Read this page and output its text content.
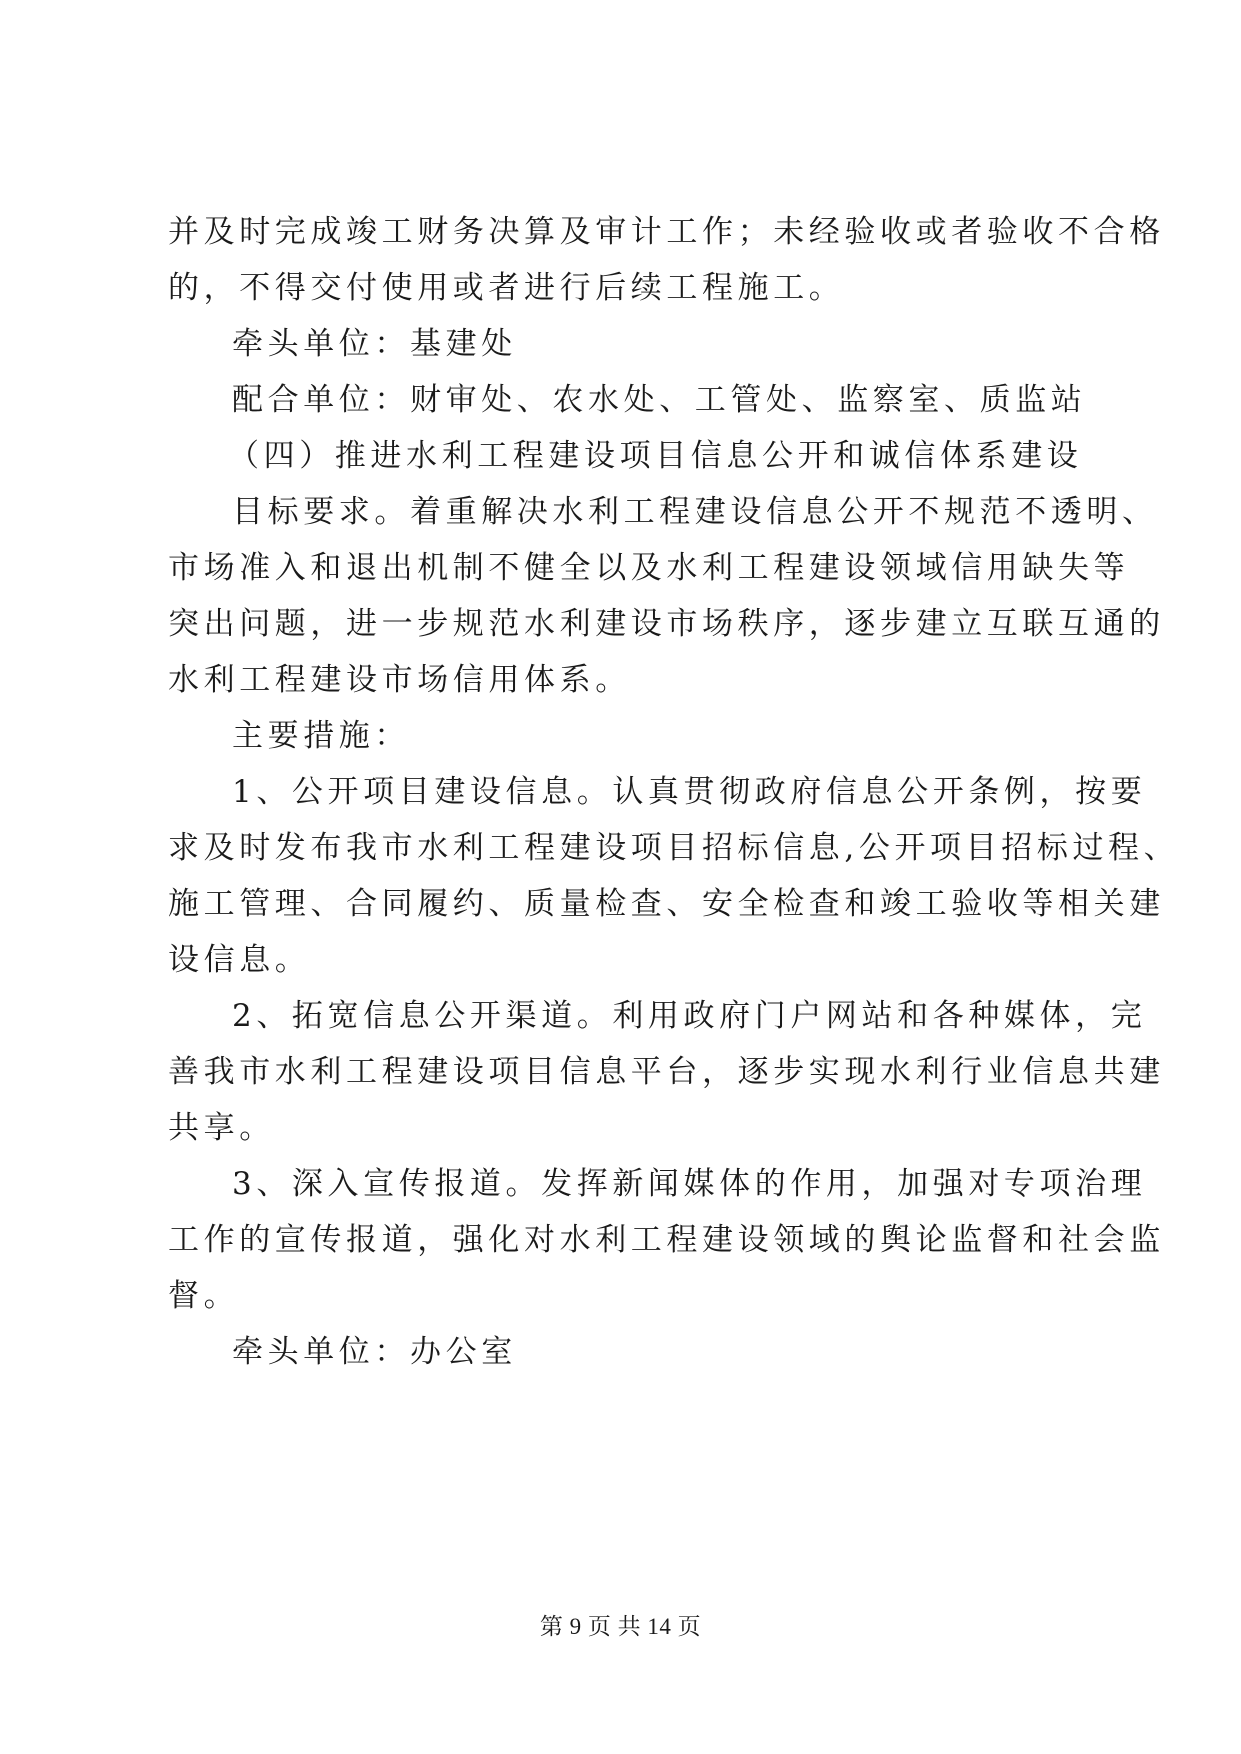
并及时完成竣工财务决算及审计工作；未经验收或者验收不合格
的，不得交付使用或者进行后续工程施工。
牵头单位：基建处
配合单位：财审处、农水处、工管处、监察室、质监站
（四）推进水利工程建设项目信息公开和诚信体系建设
目标要求。着重解决水利工程建设信息公开不规范不透明、
市场准入和退出机制不健全以及水利工程建设领域信用缺失等
突出问题，进一步规范水利建设市场秩序，逐步建立互联互通的
水利工程建设市场信用体系。
主要措施：
1、公开项目建设信息。认真贯彻政府信息公开条例，按要
求及时发布我市水利工程建设项目招标信息,公开项目招标过程、
施工管理、合同履约、质量检查、安全检查和竣工验收等相关建
设信息。
2、拓宽信息公开渠道。利用政府门户网站和各种媒体，完
善我市水利工程建设项目信息平台，逐步实现水利行业信息共建
共享。
3、深入宣传报道。发挥新闻媒体的作用，加强对专项治理
工作的宣传报道，强化对水利工程建设领域的舆论监督和社会监
督。
牵头单位：办公室
第 9 页 共 14 页
